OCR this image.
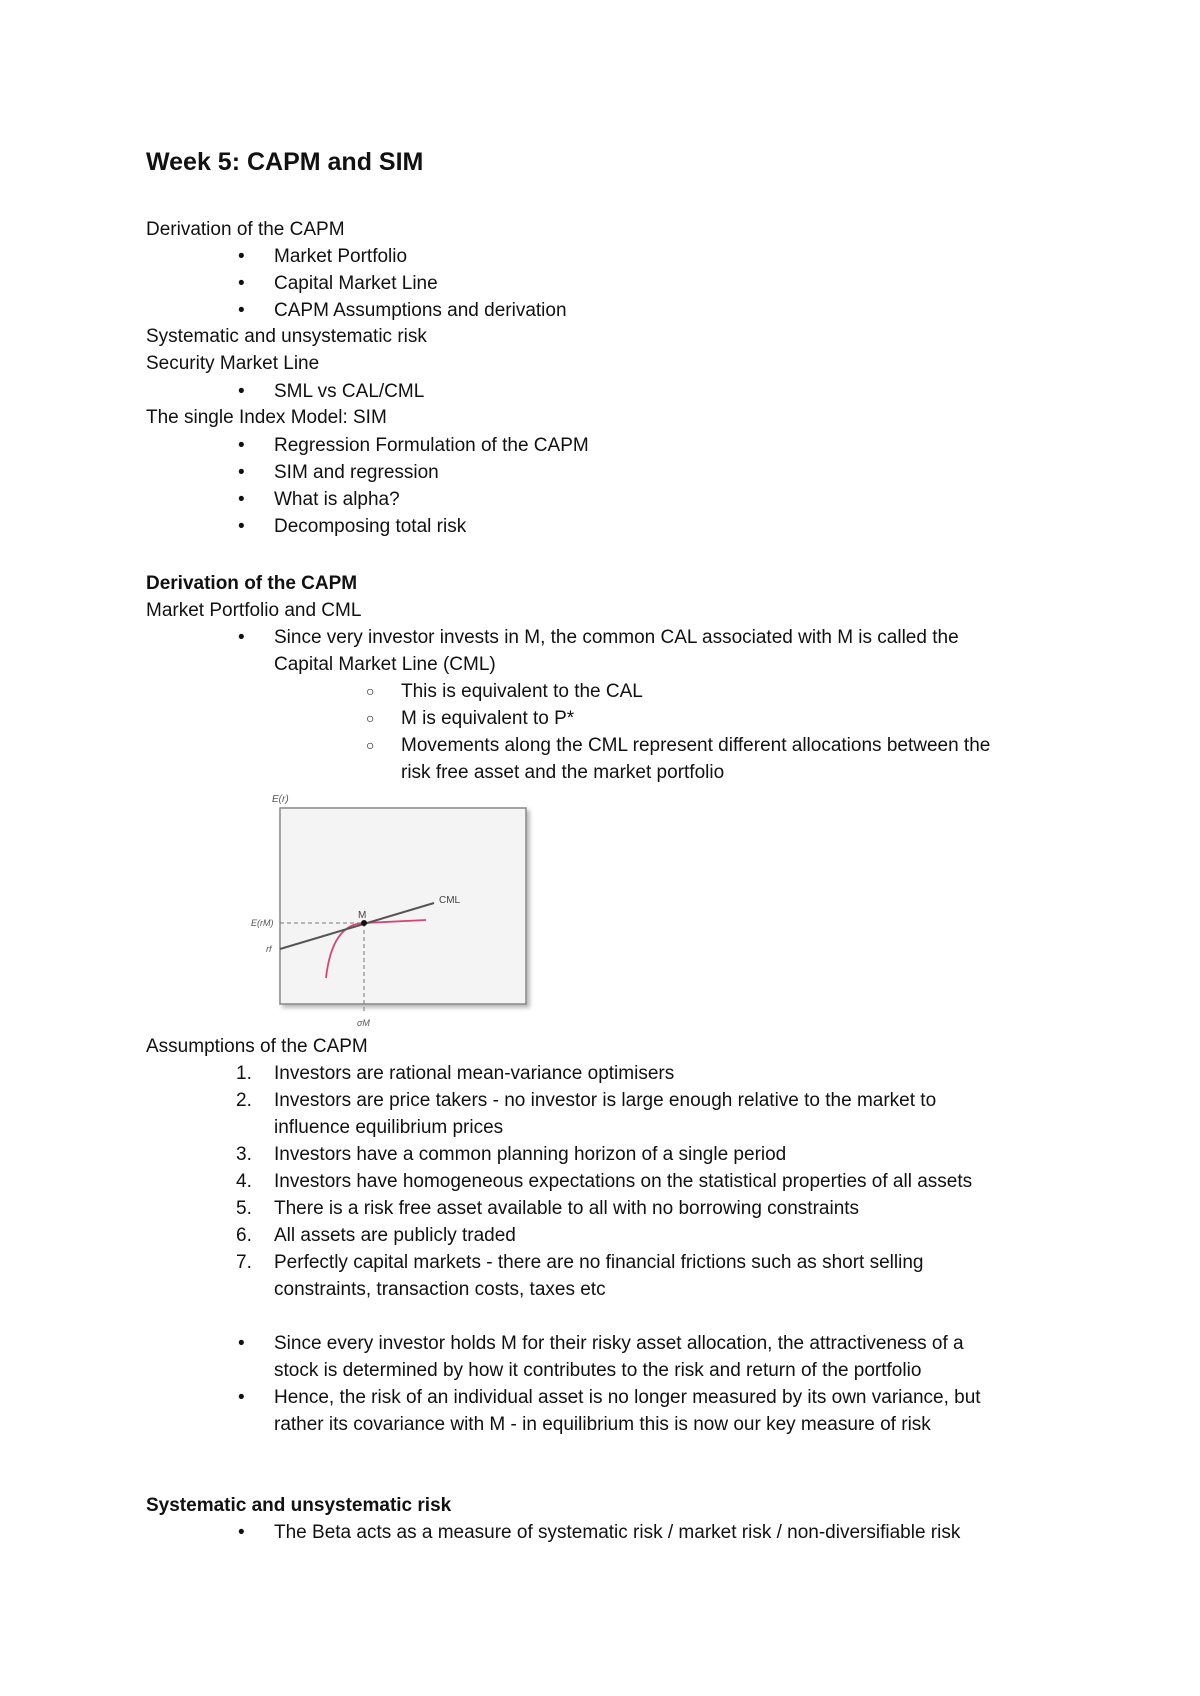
Week 5: CAPM and SIM
Derivation of the CAPM
• Market Portfolio
• Capital Market Line
• CAPM Assumptions and derivation
Systematic and unsystematic risk
Security Market Line
• SML vs CAL/CML
The single Index Model: SIM
• Regression Formulation of the CAPM
• SIM and regression
• What is alpha?
• Decomposing total risk
Derivation of the CAPM
Market Portfolio and CML
• Since very investor invests in M, the common CAL associated with M is called the
Capital Market Line (CML)
○ This is equivalent to the CAL
○ M is equivalent to P*
○ Movements along the CML represent different allocations between the
risk free asset and the market portfolio
E(r)
E(rM)
rf
M
CML
σM
Assumptions of the CAPM
1. Investors are rational mean-variance optimisers
2. Investors are price takers - no investor is large enough relative to the market to
influence equilibrium prices
3. Investors have a common planning horizon of a single period
4. Investors have homogeneous expectations on the statistical properties of all assets
5. There is a risk free asset available to all with no borrowing constraints
6. All assets are publicly traded
7. Perfectly capital markets - there are no financial frictions such as short selling
constraints, transaction costs, taxes etc
• Since every investor holds M for their risky asset allocation, the attractiveness of a
stock is determined by how it contributes to the risk and return of the portfolio
• Hence, the risk of an individual asset is no longer measured by its own variance, but
rather its covariance with M - in equilibrium this is now our key measure of risk
Systematic and unsystematic risk
• The Beta acts as a measure of systematic risk / market risk / non-diversifiable risk
